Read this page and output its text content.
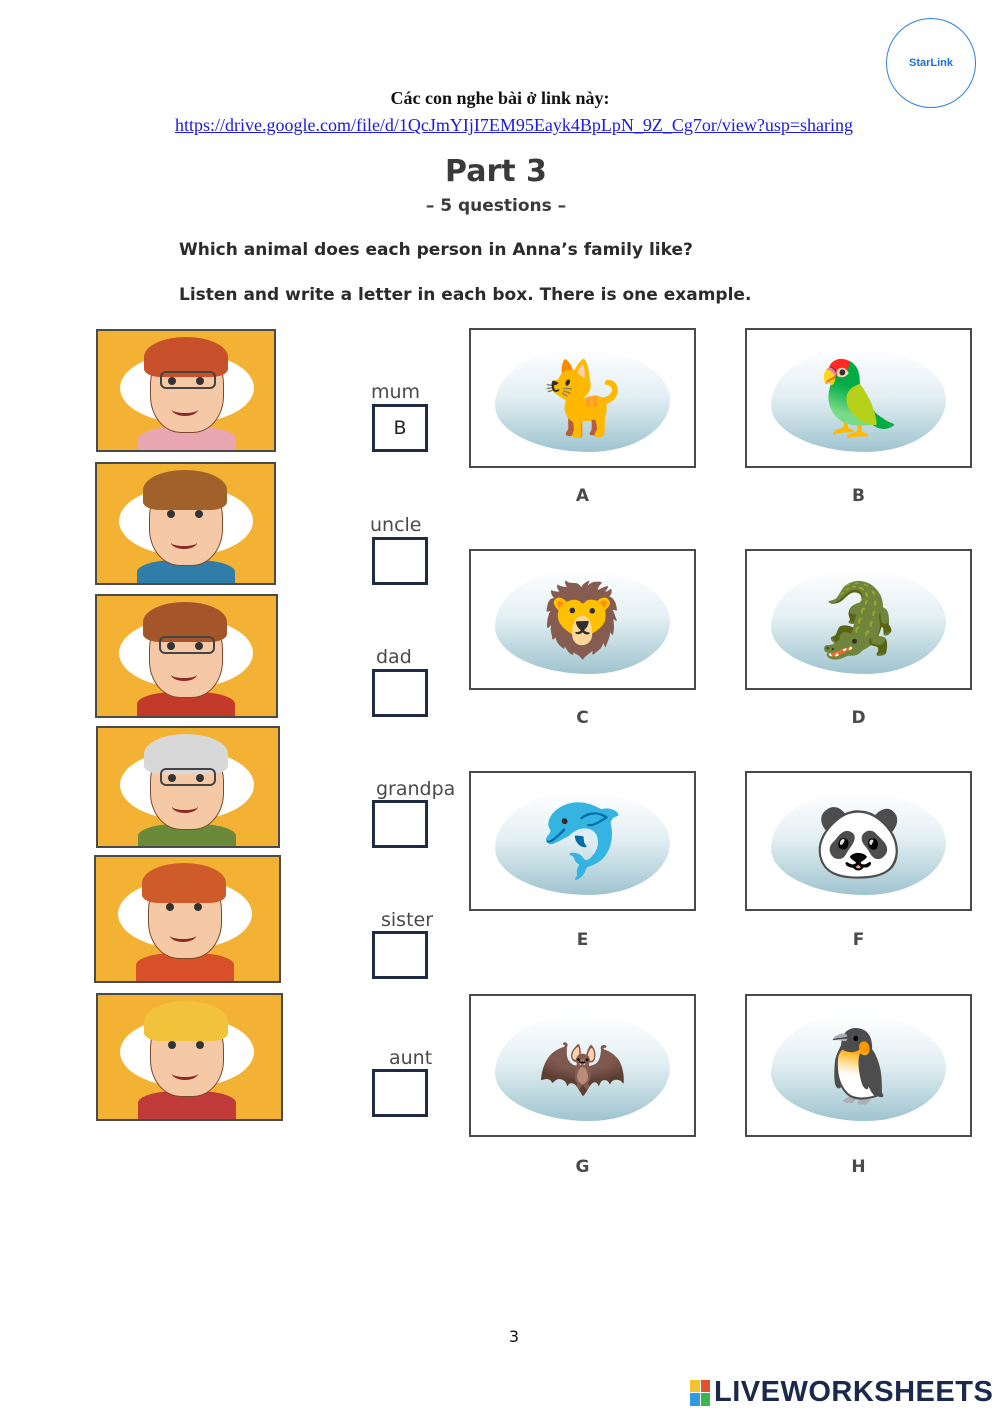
StarLink
Các con nghe bài ở link này:
https://drive.google.com/file/d/1QcJmYIjI7EM95Eayk4BpLpN_9Z_Cg7or/view?usp=sharing
Part 3
– 5 questions –
Which animal does each person in Anna’s family like?
Listen and write a letter in each box. There is one example.
mum
B
uncle
dad
grandpa
sister
aunt
🐈
A
🦜
B
🦁
C
🐊
D
🐬
E
🐼
F
🦇
G
🐧
H
3
LIVEWORKSHEETS
